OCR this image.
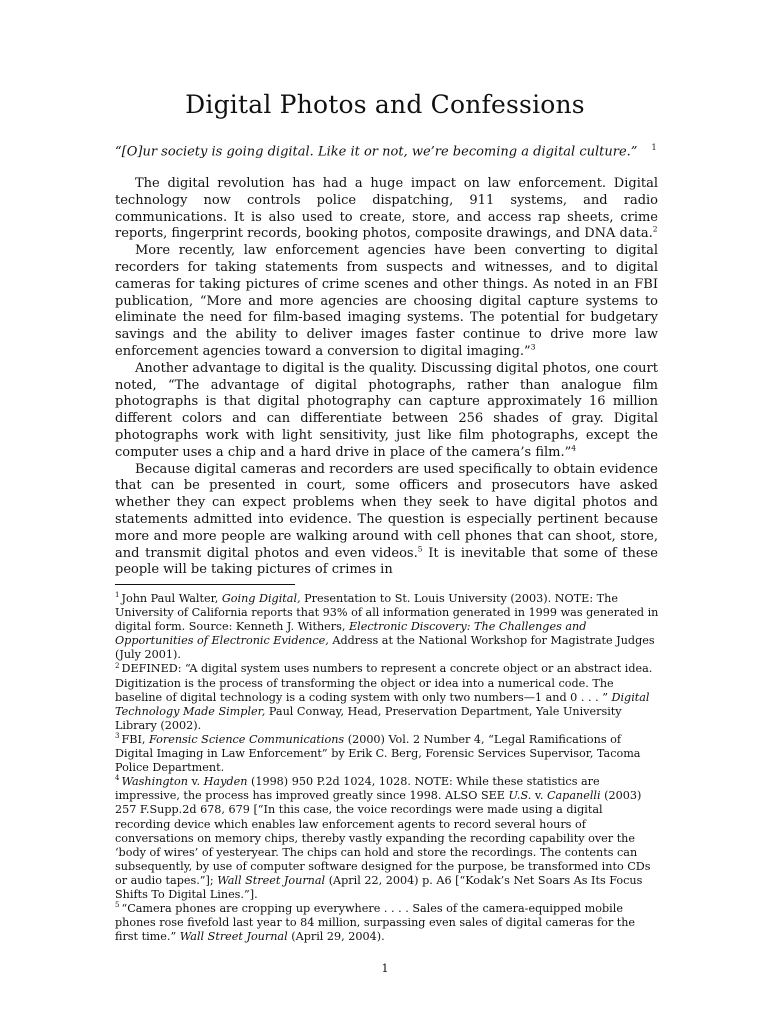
Digital Photos and Confessions
“[O]ur society is going digital. Like it or not, we’re becoming a digital culture.” $^1$

The digital revolution has had a huge impact on law enforcement. Digital technology now controls police dispatching, 911 systems, and radio communications. It is also used to create, store, and access rap sheets, crime reports, fingerprint records, booking photos, composite drawings, and DNA data.$^2$

More recently, law enforcement agencies have been converting to digital recorders for taking statements from suspects and witnesses, and to digital cameras for taking pictures of crime scenes and other things. As noted in an FBI publication, “More and more agencies are choosing digital capture systems to eliminate the need for film-based imaging systems. The potential for budgetary savings and the ability to deliver images faster continue to drive more law enforcement agencies toward a conversion to digital imaging.”$^3$

Another advantage to digital is the quality. Discussing digital photos, one court noted, “The advantage of digital photographs, rather than analogue film photographs is that digital photography can capture approximately 16 million different colors and can differentiate between 256 shades of gray. Digital photographs work with light sensitivity, just like film photographs, except the computer uses a chip and a hard drive in place of the camera’s film.”$^4$

Because digital cameras and recorders are used specifically to obtain evidence that can be presented in court, some officers and prosecutors have asked whether they can expect problems when they seek to have digital photos and statements admitted into evidence. The question is especially pertinent because more and more people are walking around with cell phones that can shoot, store, and transmit digital photos and even videos.$^5$ It is inevitable that some of these people will be taking pictures of crimes in

$^1$ John Paul Walter, Going Digital, Presentation to St. Louis University (2003). NOTE: The University of California reports that 93% of all information generated in 1999 was generated in digital form. Source: Kenneth J. Withers, Electronic Discovery: The Challenges and Opportunities of Electronic Evidence, Address at the National Workshop for Magistrate Judges (July 2001).

$^2$ DEFINED: “A digital system uses numbers to represent a concrete object or an abstract idea. Digitization is the process of transforming the object or idea into a numerical code. The baseline of digital technology is a coding system with only two numbers—1 and 0 . . . ” Digital Technology Made Simpler, Paul Conway, Head, Preservation Department, Yale University Library (2002).

$^3$ FBI, Forensic Science Communications (2000) Vol. 2 Number 4, “Legal Ramifications of Digital Imaging in Law Enforcement” by Erik C. Berg, Forensic Services Supervisor, Tacoma Police Department.

$^4$ Washington v. Hayden (1998) 950 P.2d 1024, 1028. NOTE: While these statistics are impressive, the process has improved greatly since 1998. ALSO SEE U.S. v. Capanelli (2003) 257 F.Supp.2d 678, 679 [“In this case, the voice recordings were made using a digital recording device which enables law enforcement agents to record several hours of conversations on memory chips, thereby vastly expanding the recording capability over the ‘body of wires’ of yesteryear. The chips can hold and store the recordings. The contents can subsequently, by use of computer software designed for the purpose, be transformed into CDs or audio tapes.”]; Wall Street Journal (April 22, 2004) p. A6 [“Kodak’s Net Soars As Its Focus Shifts To Digital Lines.”].

$^5$ “Camera phones are cropping up everywhere . . . . Sales of the camera-equipped mobile phones rose fivefold last year to 84 million, surpassing even sales of digital cameras for the first time.” Wall Street Journal (April 29, 2004).

1
